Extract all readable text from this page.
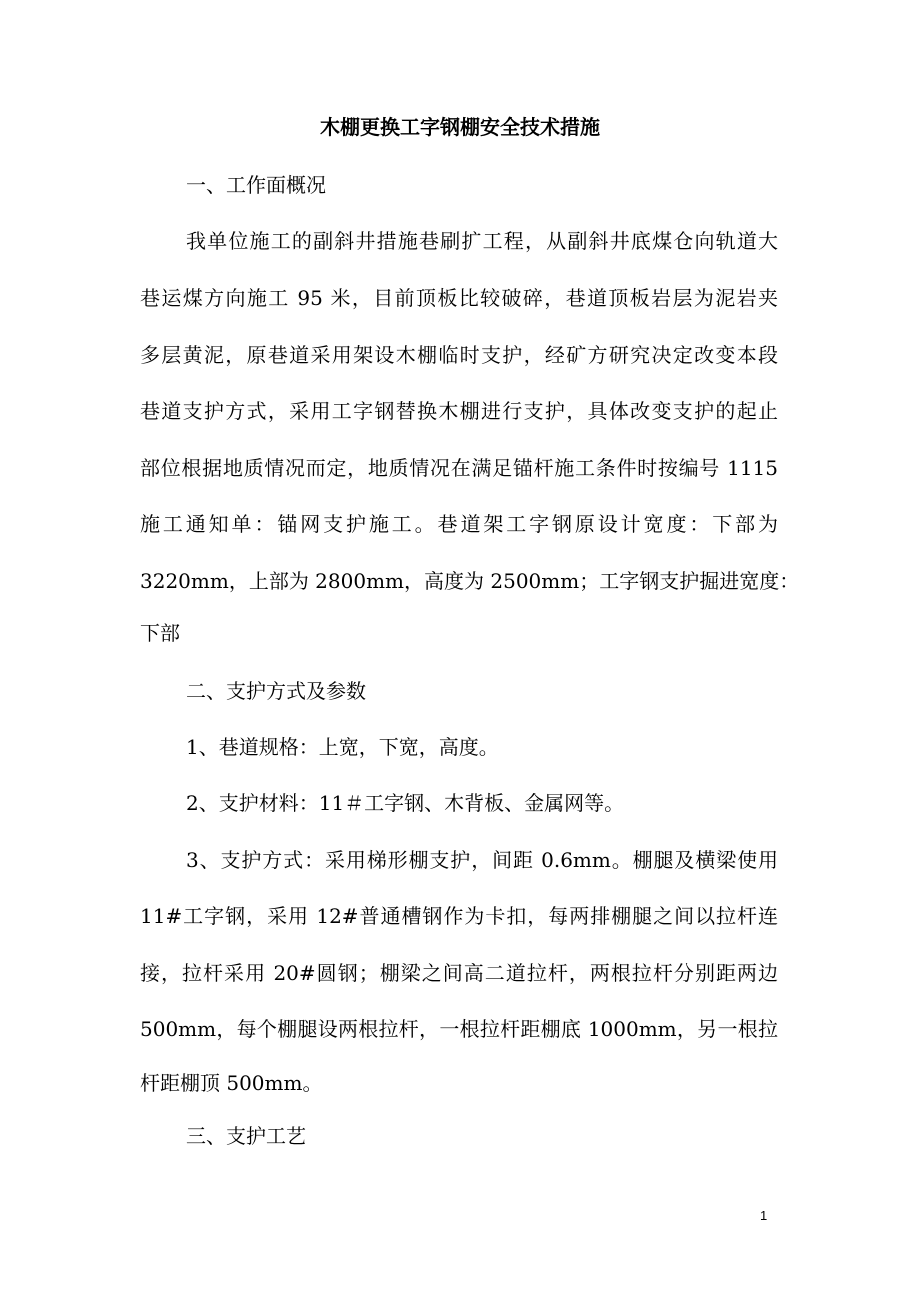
木棚更换工字钢棚安全技术措施
一、工作面概况
我单位施工的副斜井措施巷刷扩工程，从副斜井底煤仓向轨道大
巷运煤方向施工 95 米，目前顶板比较破碎，巷道顶板岩层为泥岩夹
多层黄泥，原巷道采用架设木棚临时支护，经矿方研究决定改变本段
巷道支护方式，采用工字钢替换木棚进行支护，具体改变支护的起止
部位根据地质情况而定，地质情况在满足锚杆施工条件时按编号 1115
施工通知单：锚网支护施工。巷道架工字钢原设计宽度：下部为
3220mm，上部为 2800mm，高度为 2500mm；工字钢支护掘进宽度：
下部
二、支护方式及参数
1、巷道规格：上宽，下宽，高度。
2、支护材料：11＃工字钢、木背板、金属网等。
3、支护方式：采用梯形棚支护，间距 0.6mm。棚腿及横梁使用
11#工字钢，采用 12#普通槽钢作为卡扣，每两排棚腿之间以拉杆连
接，拉杆采用 20#圆钢；棚梁之间高二道拉杆，两根拉杆分别距两边
500mm，每个棚腿设两根拉杆，一根拉杆距棚底 1000mm，另一根拉
杆距棚顶 500mm。
三、支护工艺
1
